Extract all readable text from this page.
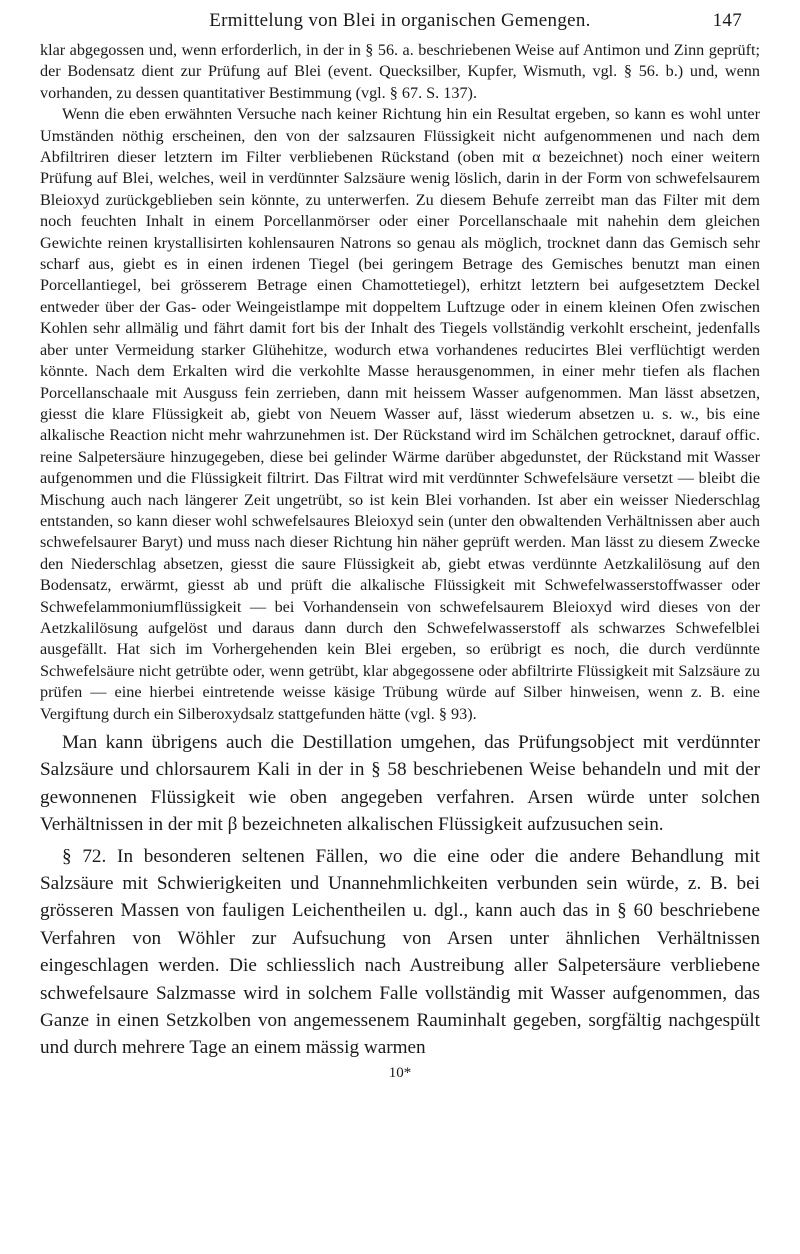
Ermittelung von Blei in organischen Gemengen.	147

klar abgegossen und, wenn erforderlich, in der in § 56. a. beschriebenen Weise auf Antimon und Zinn geprüft; der Bodensatz dient zur Prüfung auf Blei (event. Quecksilber, Kupfer, Wismuth, vgl. § 56. b.) und, wenn vorhanden, zu dessen quantitativer Bestimmung (vgl. § 67. S. 137).

Wenn die eben erwähnten Versuche nach keiner Richtung hin ein Resultat ergeben, so kann es wohl unter Umständen nöthig erscheinen, den von der salzsauren Flüssigkeit nicht aufgenommenen und nach dem Abfiltriren dieser letztern im Filter verbliebenen Rückstand (oben mit α bezeichnet) noch einer weitern Prüfung auf Blei, welches, weil in verdünnter Salzsäure wenig löslich, darin in der Form von schwefelsaurem Bleioxyd zurückgeblieben sein könnte, zu unterwerfen. Zu diesem Behufe zerreibt man das Filter mit dem noch feuchten Inhalt in einem Porcellanmörser oder einer Porcellanschaale mit nahehin dem gleichen Gewichte reinen krystallisirten kohlensauren Natrons so genau als möglich, trocknet dann das Gemisch sehr scharf aus, giebt es in einen irdenen Tiegel (bei geringem Betrage des Gemisches benutzt man einen Porcellantiegel, bei grösserem Betrage einen Chamottetiegel), erhitzt letztern bei aufgesetztem Deckel entweder über der Gas- oder Weingeistlampe mit doppeltem Luftzuge oder in einem kleinen Ofen zwischen Kohlen sehr allmälig und fährt damit fort bis der Inhalt des Tiegels vollständig verkohlt erscheint, jedenfalls aber unter Vermeidung starker Glühehitze, wodurch etwa vorhandenes reducirtes Blei verflüchtigt werden könnte. Nach dem Erkalten wird die verkohlte Masse herausgenommen, in einer mehr tiefen als flachen Porcellanschaale mit Ausguss fein zerrieben, dann mit heissem Wasser aufgenommen. Man lässt absetzen, giesst die klare Flüssigkeit ab, giebt von Neuem Wasser auf, lässt wiederum absetzen u. s. w., bis eine alkalische Reaction nicht mehr wahrzunehmen ist. Der Rückstand wird im Schälchen getrocknet, darauf offic. reine Salpetersäure hinzugegeben, diese bei gelinder Wärme darüber abgedunstet, der Rückstand mit Wasser aufgenommen und die Flüssigkeit filtrirt. Das Filtrat wird mit verdünnter Schwefelsäure versetzt — bleibt die Mischung auch nach längerer Zeit ungetrübt, so ist kein Blei vorhanden. Ist aber ein weisser Niederschlag entstanden, so kann dieser wohl schwefelsaures Bleioxyd sein (unter den obwaltenden Verhältnissen aber auch schwefelsaurer Baryt) und muss nach dieser Richtung hin näher geprüft werden. Man lässt zu diesem Zwecke den Niederschlag absetzen, giesst die saure Flüssigkeit ab, giebt etwas verdünnte Aetzkalilösung auf den Bodensatz, erwärmt, giesst ab und prüft die alkalische Flüssigkeit mit Schwefelwasserstoffwasser oder Schwefelammoniumflüssigkeit — bei Vorhandensein von schwefelsaurem Bleioxyd wird dieses von der Aetzkalilösung aufgelöst und daraus dann durch den Schwefelwasserstoff als schwarzes Schwefelblei ausgefällt. Hat sich im Vorhergehenden kein Blei ergeben, so erübrigt es noch, die durch verdünnte Schwefelsäure nicht getrübte oder, wenn getrübt, klar abgegossene oder abfiltrirte Flüssigkeit mit Salzsäure zu prüfen — eine hierbei eintretende weisse käsige Trübung würde auf Silber hinweisen, wenn z. B. eine Vergiftung durch ein Silberoxydsalz stattgefunden hätte (vgl. § 93).

Man kann übrigens auch die Destillation umgehen, das Prüfungsobject mit verdünnter Salzsäure und chlorsaurem Kali in der in § 58 beschriebenen Weise behandeln und mit der gewonnenen Flüssigkeit wie oben angegeben verfahren. Arsen würde unter solchen Verhältnissen in der mit β bezeichneten alkalischen Flüssigkeit aufzusuchen sein.

§ 72. In besonderen seltenen Fällen, wo die eine oder die andere Behandlung mit Salzsäure mit Schwierigkeiten und Unannehmlichkeiten verbunden sein würde, z. B. bei grösseren Massen von fauligen Leichentheilen u. dgl., kann auch das in § 60 beschriebene Verfahren von Wöhler zur Aufsuchung von Arsen unter ähnlichen Verhältnissen eingeschlagen werden. Die schliesslich nach Austreibung aller Salpetersäure verbliebene schwefelsaure Salzmasse wird in solchem Falle vollständig mit Wasser aufgenommen, das Ganze in einen Setzkolben von angemessenem Rauminhalt gegeben, sorgfältig nachgespült und durch mehrere Tage an einem mässig warmen

10*
